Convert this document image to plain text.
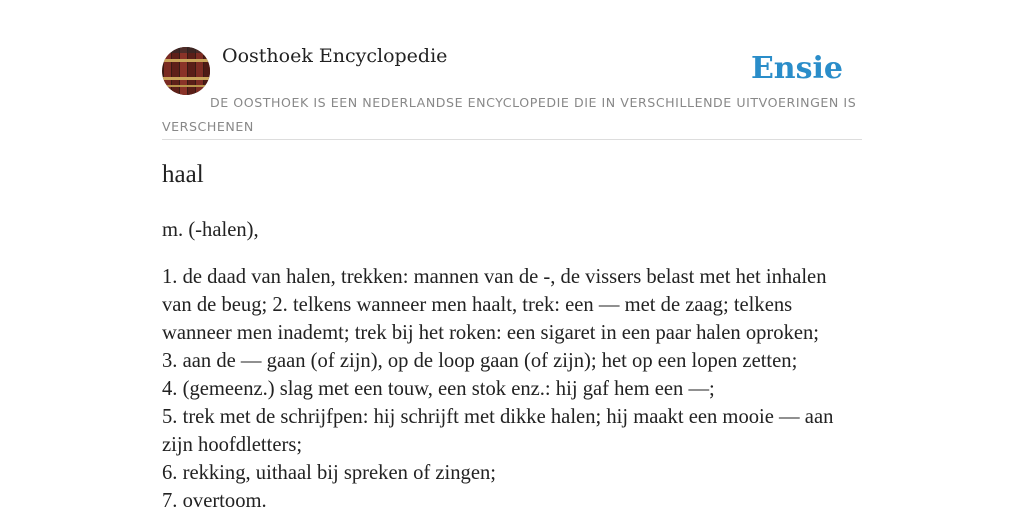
Oosthoek Encyclopedie	Ensie

DE OOSTHOEK IS EEN NEDERLANDSE ENCYCLOPEDIE DIE IN VERSCHILLENDE UITVOERINGEN IS VERSCHENEN

haal

m. (-halen),

1. de daad van halen, trekken: mannen van de -, de vissers belast met het inhalen
van de beug; 2. telkens wanneer men haalt, trek: een — met de zaag; telkens
wanneer men inademt; trek bij het roken: een sigaret in een paar halen oproken;
3. aan de — gaan (of zijn), op de loop gaan (of zijn); het op een lopen zetten;
4. (gemeenz.) slag met een touw, een stok enz.: hij gaf hem een —;
5. trek met de schrijfpen: hij schrijft met dikke halen; hij maakt een mooie — aan
zijn hoofdletters;
6. rekking, uithaal bij spreken of zingen;
7. overtoom.
